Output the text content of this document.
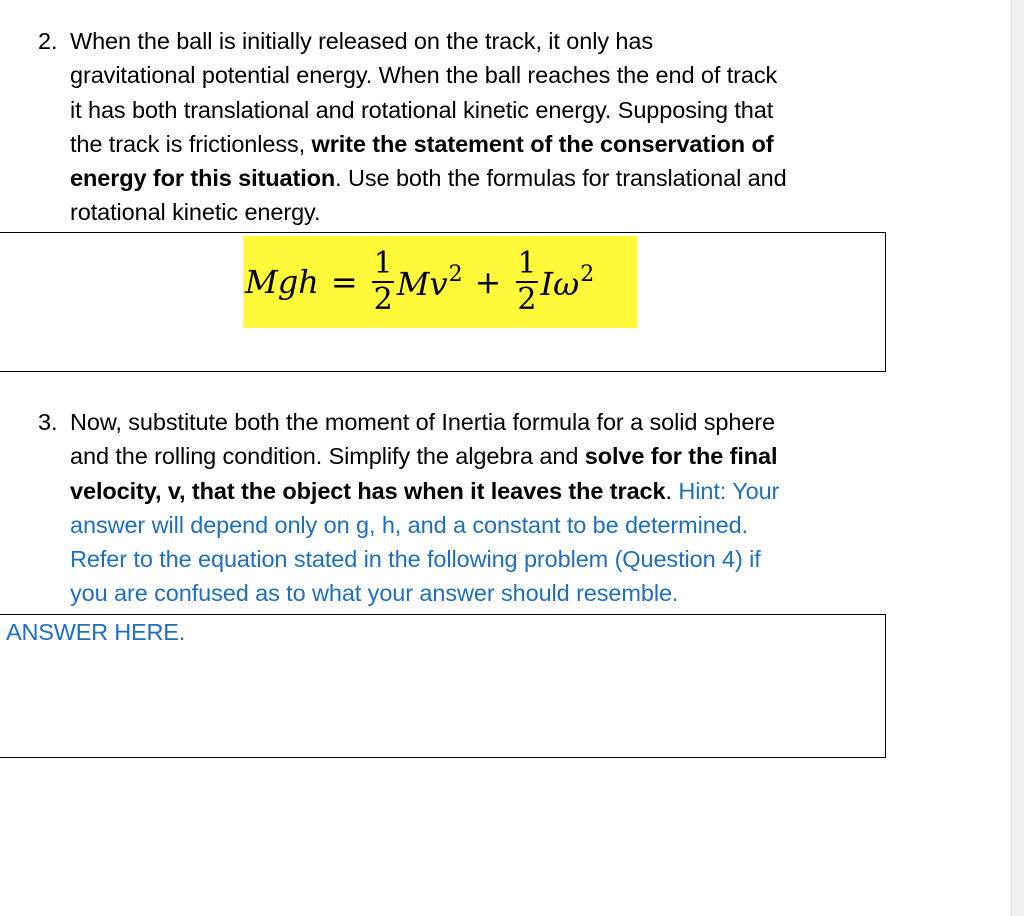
2. When the ball is initially released on the track, it only has
gravitational potential energy. When the ball reaches the end of track
it has both translational and rotational kinetic energy. Supposing that
the track is frictionless, write the statement of the conservation of
energy for this situation. Use both the formulas for translational and
rotational kinetic energy.
Mgh = $\frac{1}{2} Mv^2 + \frac{1}{2} I\omega^2$
3. Now, substitute both the moment of Inertia formula for a solid sphere
and the rolling condition. Simplify the algebra and solve for the final
velocity, v, that the object has when it leaves the track. Hint: Your
answer will depend only on g, h, and a constant to be determined.
Refer to the equation stated in the following problem (Question 4) if
you are confused as to what your answer should resemble.
ANSWER HERE.
